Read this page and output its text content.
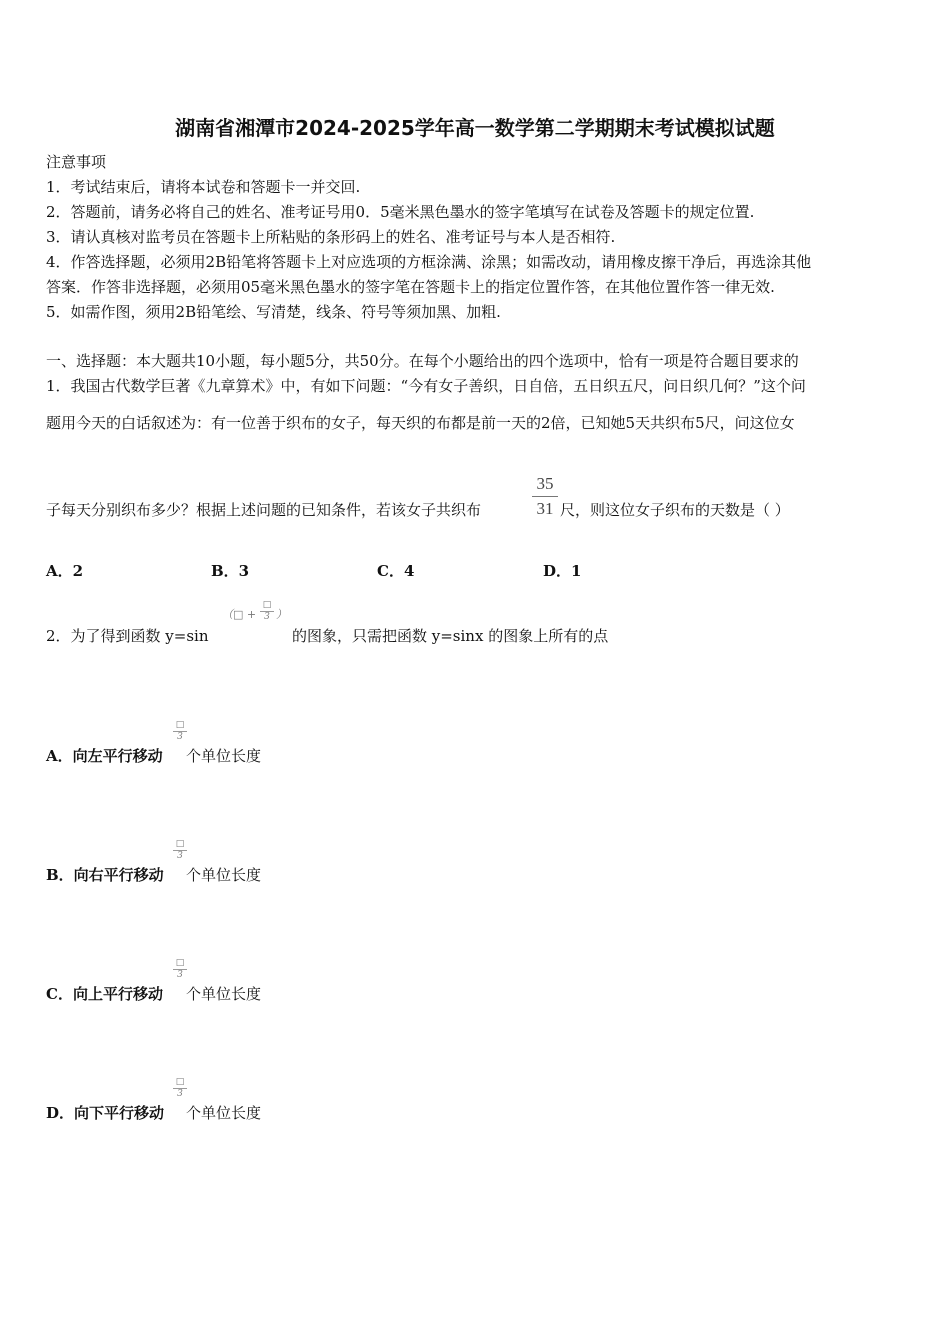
湖南省湘潭市2024-2025学年高一数学第二学期期末考试模拟试题
注意事项
1．考试结束后，请将本试卷和答题卡一并交回.
2．答题前，请务必将自己的姓名、准考证号用0．5毫米黑色墨水的签字笔填写在试卷及答题卡的规定位置.
3．请认真核对监考员在答题卡上所粘贴的条形码上的姓名、准考证号与本人是否相符.
4．作答选择题，必须用2B铅笔将答题卡上对应选项的方框涂满、涂黑；如需改动，请用橡皮擦干净后，再选涂其他
答案．作答非选择题，必须用05毫米黑色墨水的签字笔在答题卡上的指定位置作答，在其他位置作答一律无效.
5．如需作图，须用2B铅笔绘、写清楚，线条、符号等须加黑、加粗.
一、选择题：本大题共10小题，每小题5分，共50分。在每个小题给出的四个选项中，恰有一项是符合题目要求的
1．我国古代数学巨著《九章算术》中，有如下问题：“今有女子善织，日自倍，五日织五尺，问日织几何？”这个问
题用今天的白话叙述为：有一位善于织布的女子，每天织的布都是前一天的2倍，已知她5天共织布5尺，问这位女
子每天分别织布多少？根据上述问题的已知条件，若该女子共织布
35
31 尺，则这位女子织布的天数是（ ）
A．2	B．3	C．4	D．1
2．为了得到函数 y=sin
（□ +
□
3 ）
的图象，只需把函数 y=sinx 的图象上所有的点
A．向左平行移动
□
3
个单位长度
B．向右平行移动
□
3
个单位长度
C．向上平行移动
□
3
个单位长度
D．向下平行移动
□
3
个单位长度
